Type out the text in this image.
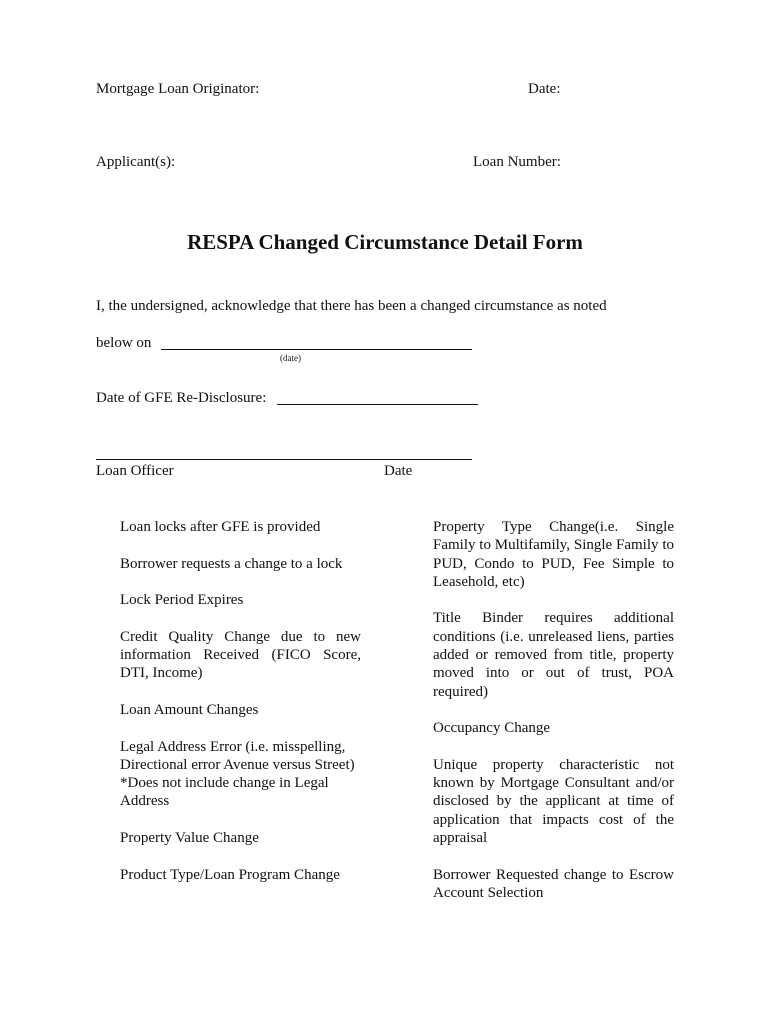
Mortgage Loan Originator:	Date:
Applicant(s):	Loan Number:
RESPA Changed Circumstance Detail Form
I, the undersigned, acknowledge that there has been a changed circumstance as noted
below on
(date)
Date of GFE Re-Disclosure:
Loan Officer	Date

Loan locks after GFE is provided

Borrower requests a change to a lock

Lock Period Expires

Credit Quality Change due to new information Received (FICO Score, DTI, Income)

Loan Amount Changes

Legal Address Error (i.e. misspelling, Directional error Avenue versus Street) *Does not include change in Legal Address

Property Value Change

Product Type/Loan Program Change

Property Type Change(i.e. Single Family to Multifamily, Single Family to PUD, Condo to PUD, Fee Simple to Leasehold, etc)

Title Binder requires additional conditions (i.e. unreleased liens, parties added or removed from title, property moved into or out of trust, POA required)

Occupancy Change

Unique property characteristic not known by Mortgage Consultant and/or disclosed by the applicant at time of application that impacts cost of the appraisal

Borrower Requested change to Escrow Account Selection
